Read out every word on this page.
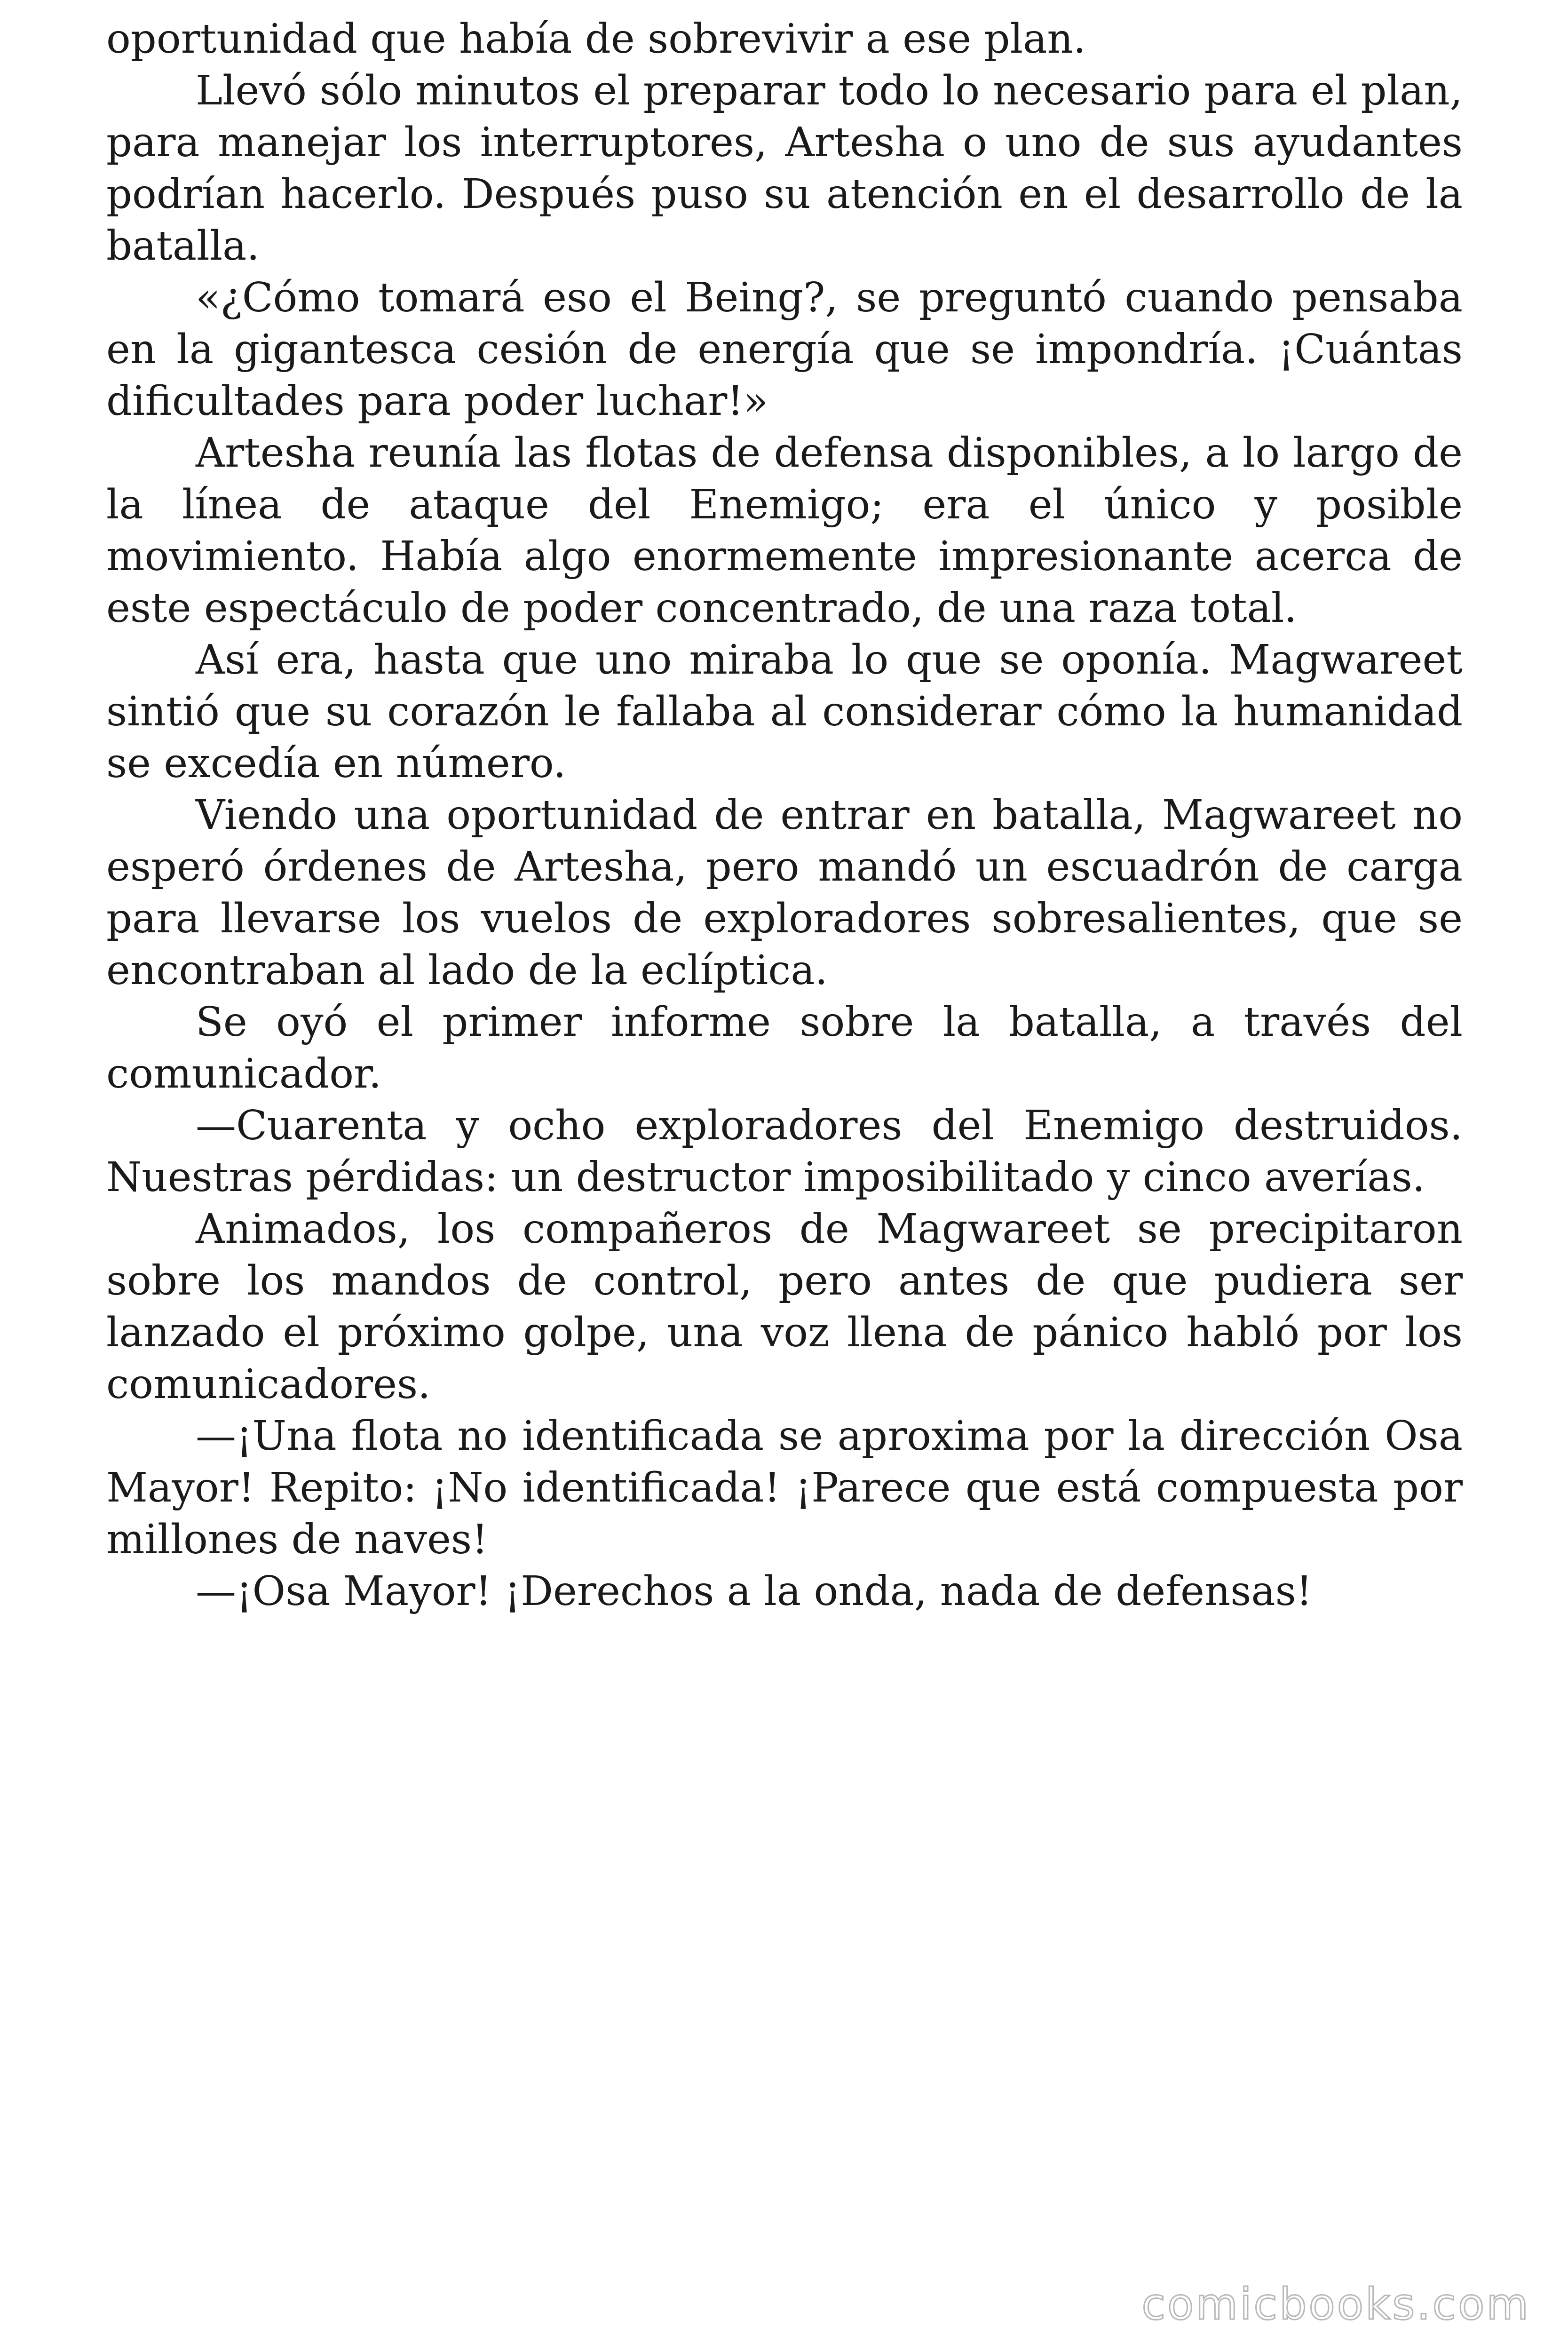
oportunidad que había de sobrevivir a ese plan.

Llevó sólo minutos el preparar todo lo necesario para el plan, para manejar los interruptores, Artesha o uno de sus ayudantes podrían hacerlo. Después puso su atención en el desarrollo de la batalla.

«¿Cómo tomará eso el Being?, se preguntó cuando pensaba en la gigantesca cesión de energía que se impondría. ¡Cuántas dificultades para poder luchar!»

Artesha reunía las flotas de defensa disponibles, a lo largo de la línea de ataque del Enemigo; era el único y posible movimiento. Había algo enormemente impresionante acerca de este espectáculo de poder concentrado, de una raza total.

Así era, hasta que uno miraba lo que se oponía. Magwareet sintió que su corazón le fallaba al considerar cómo la humanidad se excedía en número.

Viendo una oportunidad de entrar en batalla, Magwareet no esperó órdenes de Artesha, pero mandó un escuadrón de carga para llevarse los vuelos de exploradores sobresalientes, que se encontraban al lado de la eclíptica.

Se oyó el primer informe sobre la batalla, a través del comunicador.

—Cuarenta y ocho exploradores del Enemigo destruidos. Nuestras pérdidas: un destructor imposibilitado y cinco averías.

Animados, los compañeros de Magwareet se precipitaron sobre los mandos de control, pero antes de que pudiera ser lanzado el próximo golpe, una voz llena de pánico habló por los comunicadores.

—¡Una flota no identificada se aproxima por la dirección Osa Mayor! Repito: ¡No identificada! ¡Parece que está compuesta por millones de naves!

—¡Osa Mayor! ¡Derechos a la onda, nada de defensas!

comicbooks.com
